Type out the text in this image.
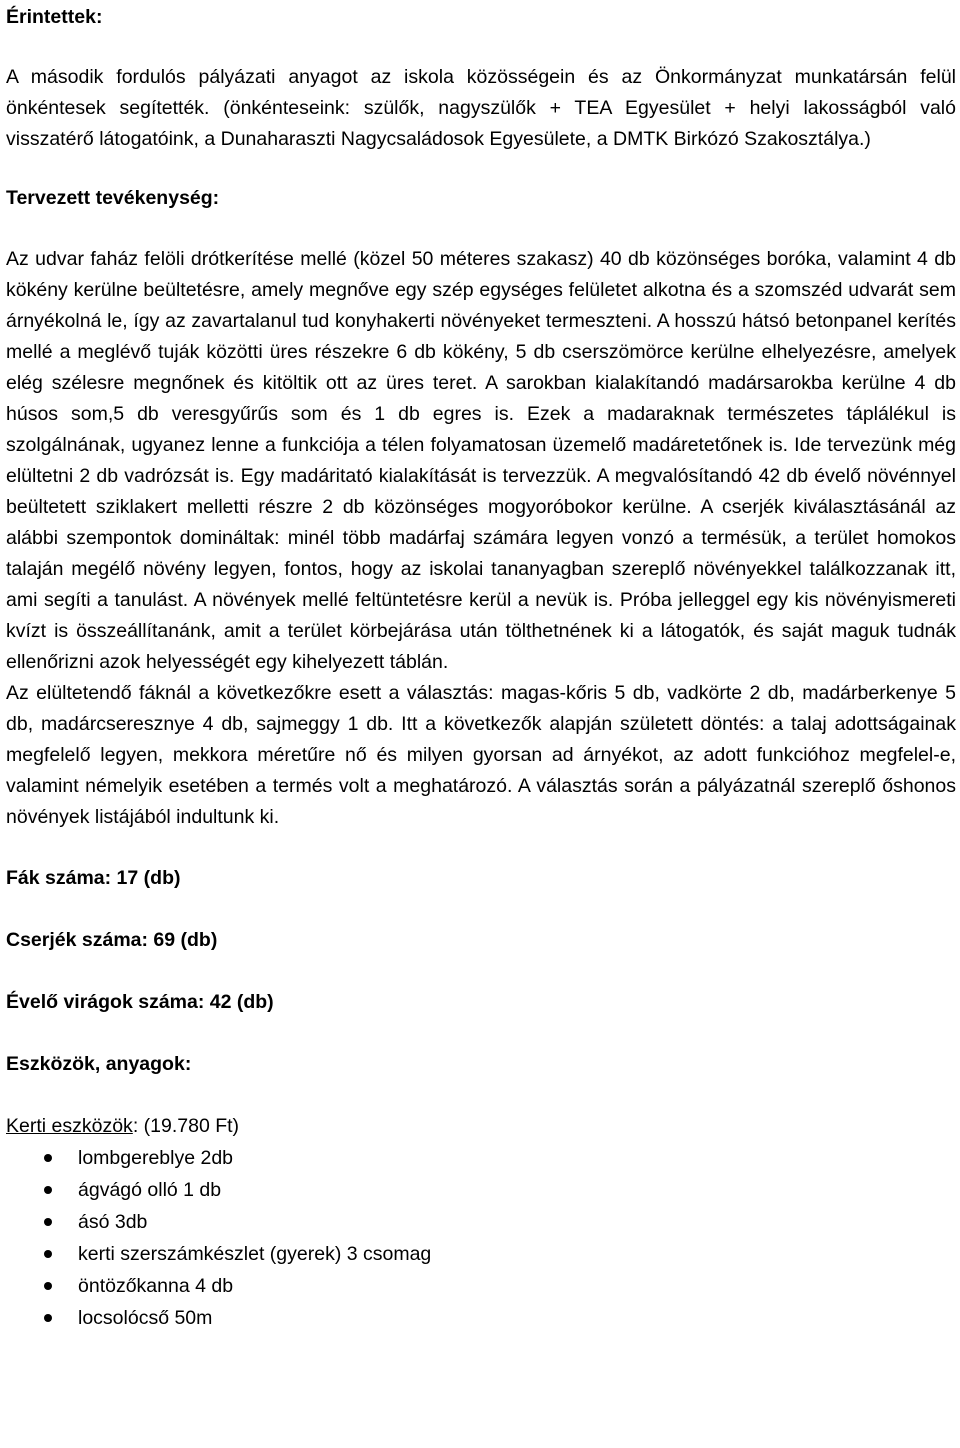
Érintettek:

A második fordulós pályázati anyagot az iskola közösségein és az Önkormányzat munkatársán felül önkéntesek segítették. (önkénteseink: szülők, nagyszülők + TEA Egyesület + helyi lakosságból való visszatérő látogatóink, a Dunaharaszti Nagycsaládosok Egyesülete, a DMTK Birkózó Szakosztálya.)

Tervezett tevékenység:

Az udvar faház felöli drótkerítése mellé (közel 50 méteres szakasz) 40 db közönséges boróka, valamint 4 db kökény kerülne beültetésre, amely megnőve egy szép egységes felületet alkotna és a szomszéd udvarát sem árnyékolná le, így az zavartalanul tud konyhakerti növényeket termeszteni. A hosszú hátsó betonpanel kerítés mellé a meglévő tuják közötti üres részekre 6 db kökény, 5 db cserszömörce kerülne elhelyezésre, amelyek elég szélesre megnőnek és kitöltik ott az üres teret. A sarokban kialakítandó madársarokba kerülne 4 db húsos som,5 db veresgyűrűs som és 1 db egres is. Ezek a madaraknak természetes táplálékul is szolgálnának, ugyanez lenne a funkciója a télen folyamatosan üzemelő madáretetőnek is. Ide tervezünk még elültetni 2 db vadrózsát is. Egy madáritató kialakítását is tervezzük. A megvalósítandó 42 db évelő növénnyel beültetett sziklakert melletti részre 2 db közönséges mogyoróbokor kerülne. A cserjék kiválasztásánál az alábbi szempontok domináltak: minél több madárfaj számára legyen vonzó a termésük, a terület homokos talaján megélő növény legyen, fontos, hogy az iskolai tananyagban szereplő növényekkel találkozzanak itt, ami segíti a tanulást. A növények mellé feltüntetésre kerül a nevük is. Próba jelleggel egy kis növényismereti kvízt is összeállítanánk, amit a terület körbejárása után tölthetnének ki a látogatók, és saját maguk tudnák ellenőrizni azok helyességét egy kihelyezett táblán.

Az elültetendő fáknál a következőkre esett a választás: magas-kőris 5 db, vadkörte 2 db, madárberkenye 5 db, madárcseresznye 4 db, sajmeggy 1 db. Itt a következők alapján született döntés: a talaj adottságainak megfelelő legyen, mekkora méretűre nő és milyen gyorsan ad árnyékot, az adott funkcióhoz megfelel-e, valamint némelyik esetében a termés volt a meghatározó. A választás során a pályázatnál szereplő őshonos növények listájából indultunk ki.

Fák száma: 17 (db)

Cserjék száma: 69 (db)

Évelő virágok száma: 42 (db)

Eszközök, anyagok:

Kerti eszközök: (19.780 Ft)

lombgereblye 2db
ágvágó olló 1 db
ásó 3db
kerti szerszámkészlet (gyerek) 3 csomag
öntözőkanna 4 db
locsolócső 50m
